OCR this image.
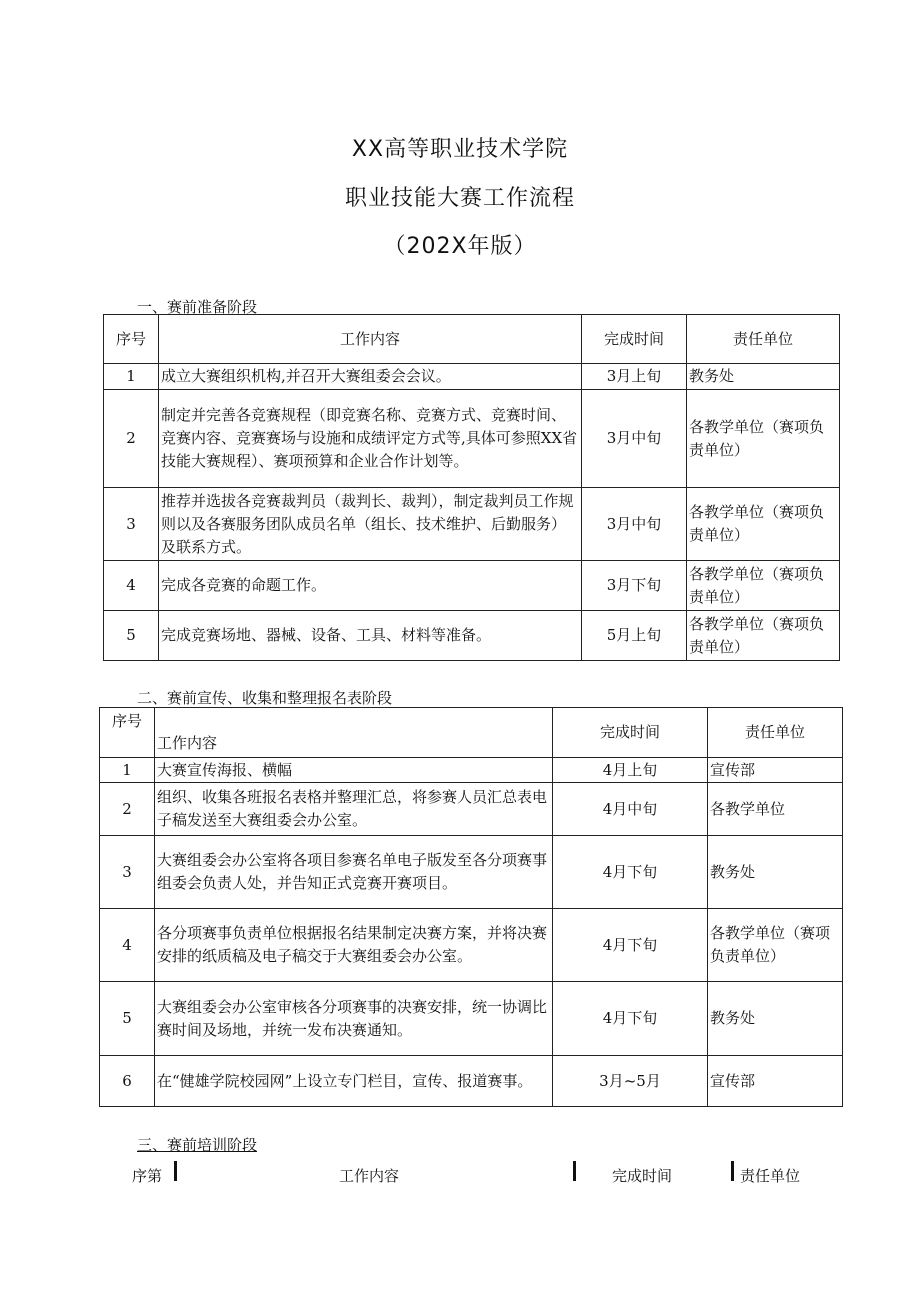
XX高等职业技术学院
职业技能大赛工作流程
（202X年版）
一、赛前准备阶段
序号	工作内容	完成时间	责任单位
1	成立大赛组织机构,并召开大赛组委会会议。	3月上旬	教务处
2	制定并完善各竞赛规程（即竞赛名称、竞赛方式、竞赛时间、竞赛内容、竞赛赛场与设施和成绩评定方式等,具体可参照XX省技能大赛规程）、赛项预算和企业合作计划等。	3月中旬	各教学单位（赛项负责单位）
3	推荐并选拔各竞赛裁判员（裁判长、裁判），制定裁判员工作规则以及各赛服务团队成员名单（组长、技术维护、后勤服务）及联系方式。	3月中旬	各教学单位（赛项负责单位）
4	完成各竞赛的命题工作。	3月下旬	各教学单位（赛项负责单位）
5	完成竞赛场地、器械、设备、工具、材料等准备。	5月上旬	各教学单位（赛项负责单位）
二、赛前宣传、收集和整理报名表阶段
序号	工作内容	完成时间	责任单位
1	大赛宣传海报、横幅	4月上旬	宣传部
2	组织、收集各班报名表格并整理汇总，将参赛人员汇总表电子稿发送至大赛组委会办公室。	4月中旬	各教学单位
3	大赛组委会办公室将各项目参赛名单电子版发至各分项赛事组委会负责人处，并告知正式竞赛开赛项目。	4月下旬	教务处
4	各分项赛事负责单位根据报名结果制定决赛方案，并将决赛安排的纸质稿及电子稿交于大赛组委会办公室。	4月下旬	各教学单位（赛项负责单位）
5	大赛组委会办公室审核各分项赛事的决赛安排，统一协调比赛时间及场地，并统一发布决赛通知。	4月下旬	教务处
6	在“健雄学院校园网”上设立专门栏目，宣传、报道赛事。	3月~5月	宣传部
三、赛前培训阶段
序第	工作内容	完成时间	责任单位
